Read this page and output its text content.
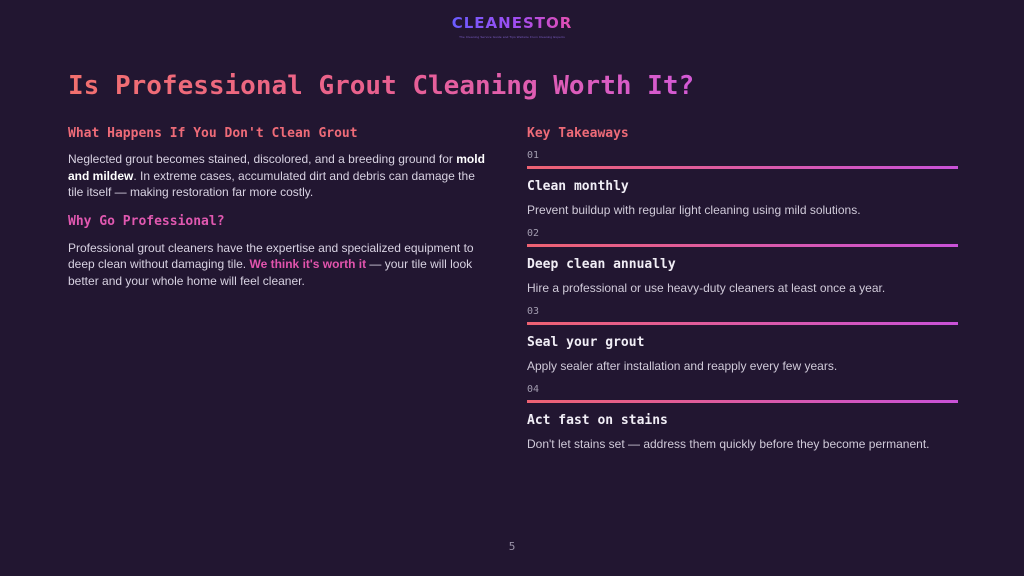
CLEANESTOR
The Cleaning Service Guide and Tips Website From Cleaning Experts
Is Professional Grout Cleaning Worth It?
What Happens If You Don't Clean Grout

Neglected grout becomes stained, discolored, and a breeding ground for mold and mildew. In extreme cases, accumulated dirt and debris can damage the tile itself — making restoration far more costly.

Why Go Professional?

Professional grout cleaners have the expertise and specialized equipment to deep clean without damaging tile. We think it's worth it — your tile will look better and your whole home will feel cleaner.

Key Takeaways
01
Clean monthly
Prevent buildup with regular light cleaning using mild solutions.
02
Deep clean annually
Hire a professional or use heavy-duty cleaners at least once a year.
03
Seal your grout
Apply sealer after installation and reapply every few years.
04
Act fast on stains
Don't let stains set — address them quickly before they become permanent.
5
